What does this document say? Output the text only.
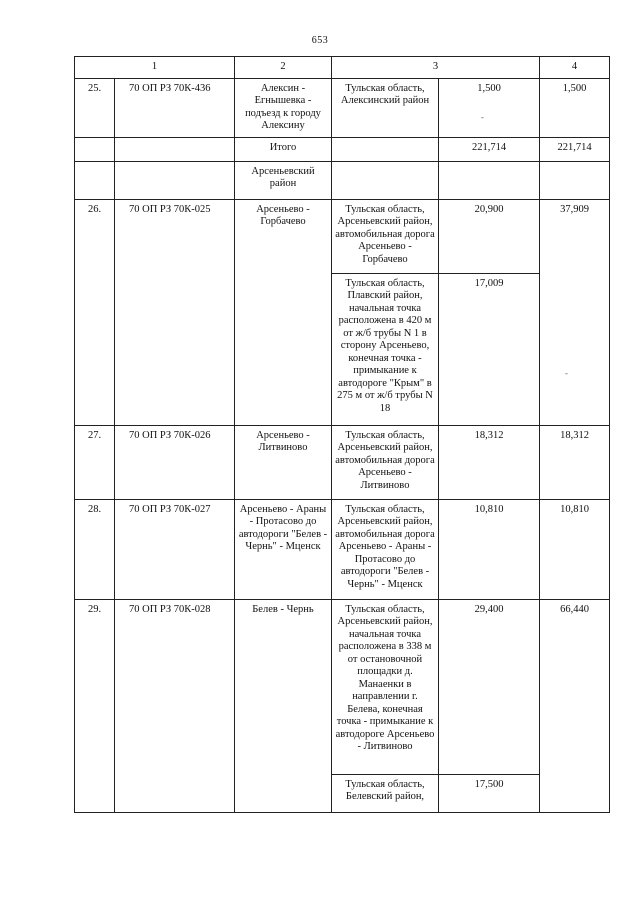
653
1		2	3		4
25.	70 ОП РЗ 70К-436	Алексин - Егнышевка - подъезд к городу Алексину	Тульская область, Алексинский район	1,500	1,500
		Итого		221,714	221,714
		Арсеньевский район			
26.	70 ОП РЗ 70К-025	Арсеньево - Горбачево	Тульская область, Арсеньевский район, автомобильная дорога Арсеньево - Горбачево	20,900	37,909
			Тульская область, Плавский район, начальная точка расположена в 420 м от ж/б трубы N 1 в сторону Арсеньево, конечная точка - примыкание к автодороге "Крым" в 275 м от ж/б трубы N 18	17,009	
27.	70 ОП РЗ 70К-026	Арсеньево - Литвиново	Тульская область, Арсеньевский район, автомобильная дорога Арсеньево - Литвиново	18,312	18,312
28.	70 ОП РЗ 70К-027	Арсеньево - Араны - Протасово до автодороги "Белев - Чернь" - Мценск	Тульская область, Арсеньевский район, автомобильная дорога Арсеньево - Араны - Протасово до автодороги "Белев - Чернь" - Мценск	10,810	10,810
29.	70 ОП РЗ 70К-028	Белев - Чернь	Тульская область, Арсеньевский район, начальная точка расположена в 338 м от остановочной площадки д. Манаенки в направлении г. Белева, конечная точка - примыкание к автодороге Арсеньево - Литвиново	29,400	66,440
			Тульская область, Белевский район,	17,500	
-
-
